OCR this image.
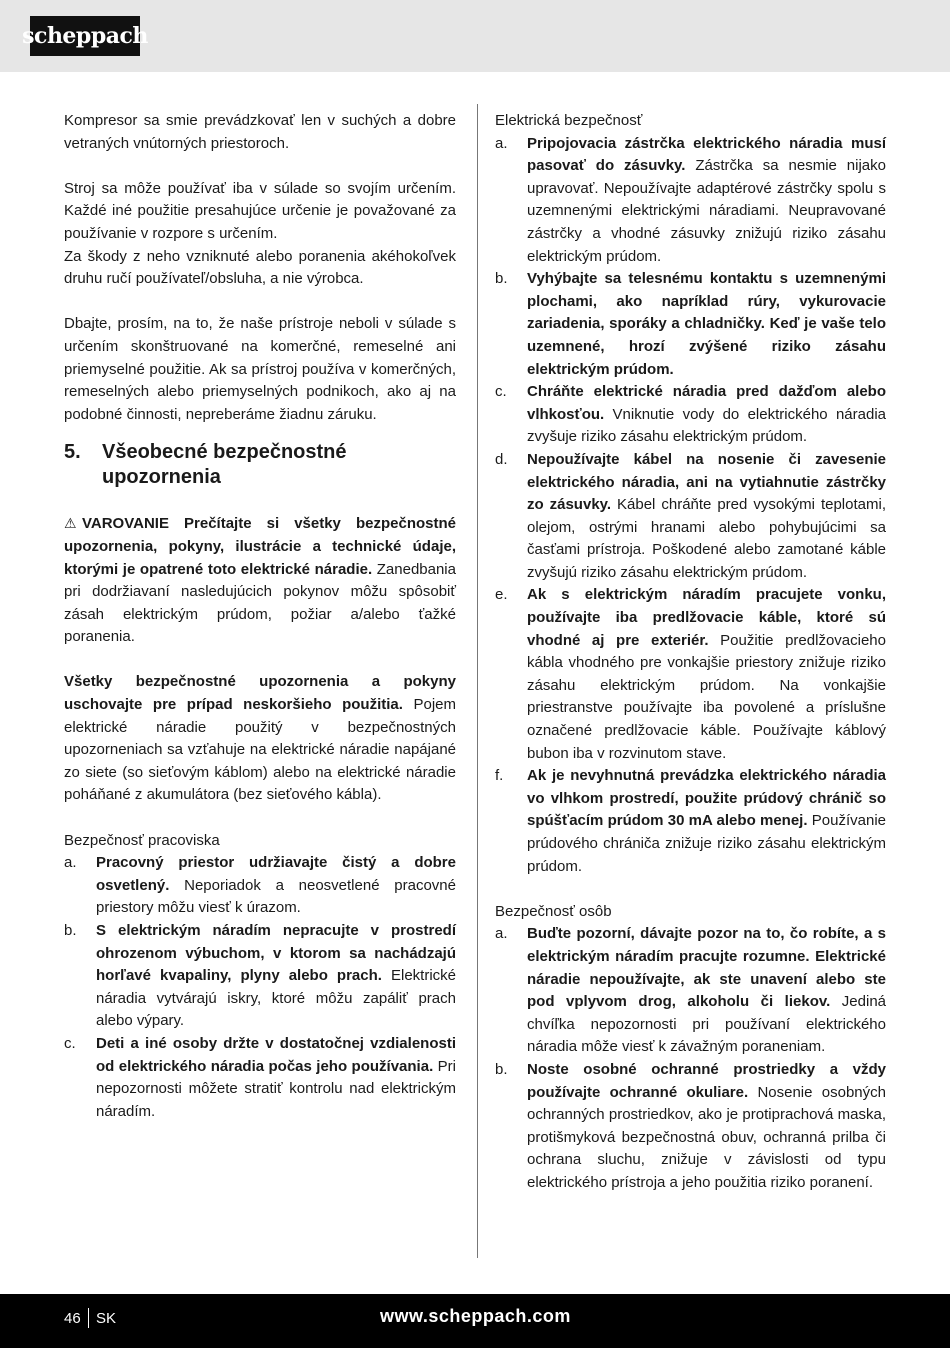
scheppach

Kompresor sa smie prevádzkovať len v suchých a dobre vetraných vnútorných priestoroch.

Stroj sa môže používať iba v súlade so svojím určením. Každé iné použitie presahujúce určenie je považované za používanie v rozpore s určením.

Za škody z neho vzniknuté alebo poranenia akéhokoľvek druhu ručí používateľ/obsluha, a nie výrobca.

Dbajte, prosím, na to, že naše prístroje neboli v súlade s určením skonštruované na komerčné, remeselné ani priemyselné použitie. Ak sa prístroj používa v komerčných, remeselných alebo priemyselných podnikoch, ako aj na podobné činnosti, nepreberáme žiadnu záruku.

5.	Všeobecné bezpečnostné upozornenia

⚠ VAROVANIE Prečítajte si všetky bezpečnostné upozornenia, pokyny, ilustrácie a technické údaje, ktorými je opatrené toto elektrické náradie. Zanedbania pri dodržiavaní nasledujúcich pokynov môžu spôsobiť zásah elektrickým prúdom, požiar a/alebo ťažké poranenia.

Všetky bezpečnostné upozornenia a pokyny uschovajte pre prípad neskoršieho použitia. Pojem elektrické náradie použitý v bezpečnostných upozorneniach sa vzťahuje na elektrické náradie napájané zo siete (so sieťovým káblom) alebo na elektrické náradie poháňané z akumulátora (bez sieťového kábla).

Bezpečnosť pracoviska

a.	Pracovný priestor udržiavajte čistý a dobre osvetlený. Neporiadok a neosvetlené pracovné priestory môžu viesť k úrazom.
b.	S elektrickým náradím nepracujte v prostredí ohrozenom výbuchom, v ktorom sa nachádzajú horľavé kvapaliny, plyny alebo prach. Elektrické náradia vytvárajú iskry, ktoré môžu zapáliť prach alebo výpary.
c.	Deti a iné osoby držte v dostatočnej vzdialenosti od elektrického náradia počas jeho používania. Pri nepozornosti môžete stratiť kontrolu nad elektrickým náradím.

Elektrická bezpečnosť

a.	Pripojovacia zástrčka elektrického náradia musí pasovať do zásuvky. Zástrčka sa nesmie nijako upravovať. Nepoužívajte adaptérové zástrčky spolu s uzemnenými elektrickými náradiami. Neupravované zástrčky a vhodné zásuvky znižujú riziko zásahu elektrickým prúdom.
b.	Vyhýbajte sa telesnému kontaktu s uzemnenými plochami, ako napríklad rúry, vykurovacie zariadenia, sporáky a chladničky. Keď je vaše telo uzemnené, hrozí zvýšené riziko zásahu elektrickým prúdom.
c.	Chráňte elektrické náradia pred dažďom alebo vlhkosťou. Vniknutie vody do elektrického náradia zvyšuje riziko zásahu elektrickým prúdom.
d.	Nepoužívajte kábel na nosenie či zavesenie elektrického náradia, ani na vytiahnutie zástrčky zo zásuvky. Kábel chráňte pred vysokými teplotami, olejom, ostrými hranami alebo pohybujúcimi sa časťami prístroja. Poškodené alebo zamotané káble zvyšujú riziko zásahu elektrickým prúdom.
e.	Ak s elektrickým náradím pracujete vonku, používajte iba predlžovacie káble, ktoré sú vhodné aj pre exteriér. Použitie predlžovacieho kábla vhodného pre vonkajšie priestory znižuje riziko zásahu elektrickým prúdom. Na vonkajšie priestranstve používajte iba povolené a príslušne označené predlžovacie káble. Používajte káblový bubon iba v rozvinutom stave.
f.	Ak je nevyhnutná prevádzka elektrického náradia vo vlhkom prostredí, použite prúdový chránič so spúšťacím prúdom 30 mA alebo menej. Používanie prúdového chrániča znižuje riziko zásahu elektrickým prúdom.

Bezpečnosť osôb

a.	Buďte pozorní, dávajte pozor na to, čo robíte, a s elektrickým náradím pracujte rozumne. Elektrické náradie nepoužívajte, ak ste unavení alebo ste pod vplyvom drog, alkoholu či liekov. Jediná chvíľka nepozornosti pri používaní elektrického náradia môže viesť k závažným poraneniam.
b.	Noste osobné ochranné prostriedky a vždy používajte ochranné okuliare. Nosenie osobných ochranných prostriedkov, ako je protiprachová maska, protišmyková bezpečnostná obuv, ochranná prilba či ochrana sluchu, znižuje v závislosti od typu elektrického prístroja a jeho použitia riziko poranení.
46 SK	www.scheppach.com
